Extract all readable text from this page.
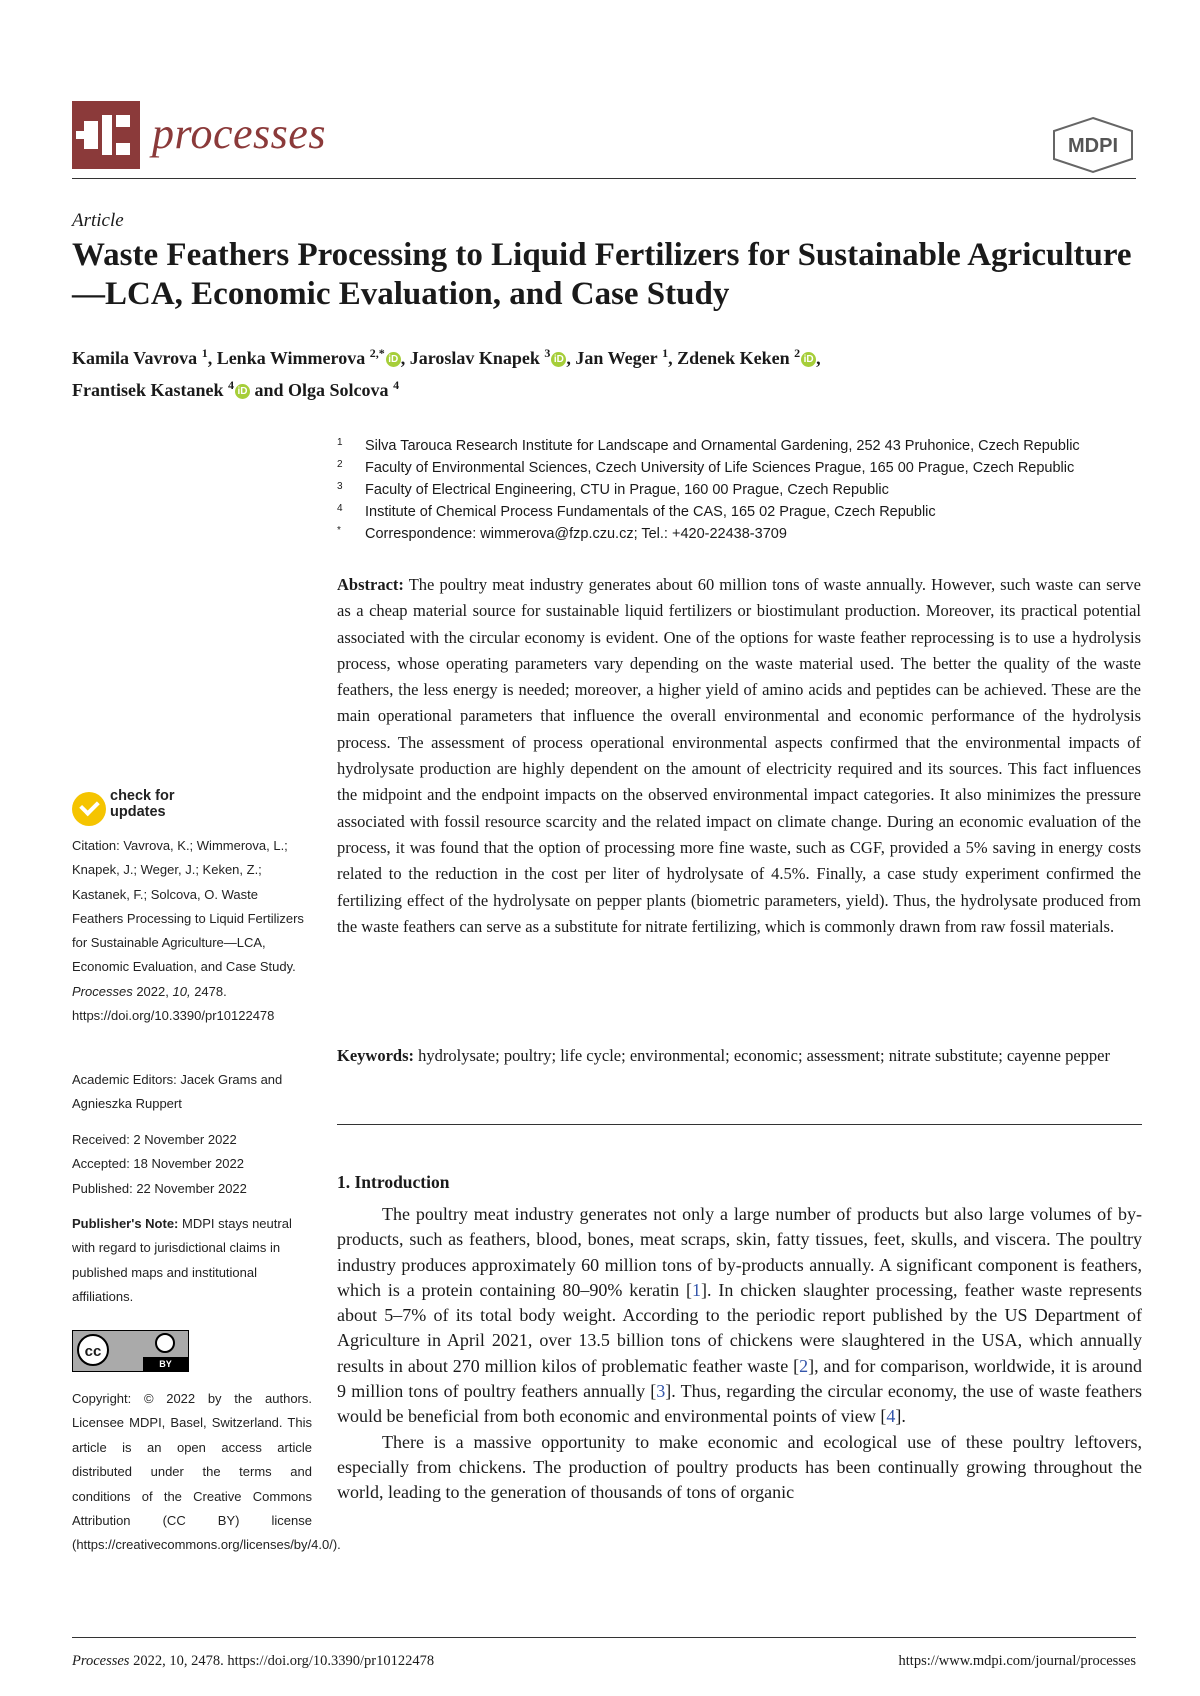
processes	MDPI
Article
Waste Feathers Processing to Liquid Fertilizers for Sustainable Agriculture—LCA, Economic Evaluation, and Case Study
Kamila Vavrova $^1$, Lenka Wimmerova $^{2,*}$ iD , Jaroslav Knapek $^3$ iD , Jan Weger $^1$, Zdenek Keken $^2$ iD ,
Frantisek Kastanek $^4$ iD and Olga Solcova $^4$
1 Silva Tarouca Research Institute for Landscape and Ornamental Gardening, 252 43 Pruhonice, Czech Republic
2 Faculty of Environmental Sciences, Czech University of Life Sciences Prague, 165 00 Prague, Czech Republic
3 Faculty of Electrical Engineering, CTU in Prague, 160 00 Prague, Czech Republic
4 Institute of Chemical Process Fundamentals of the CAS, 165 02 Prague, Czech Republic
* Correspondence: wimmerova@fzp.czu.cz; Tel.: +420-22438-3709
Abstract: The poultry meat industry generates about 60 million tons of waste annually. However, such waste can serve as a cheap material source for sustainable liquid fertilizers or biostimulant production. Moreover, its practical potential associated with the circular economy is evident. One of the options for waste feather reprocessing is to use a hydrolysis process, whose operating parameters vary depending on the waste material used. The better the quality of the waste feathers, the less energy is needed; moreover, a higher yield of amino acids and peptides can be achieved. These are the main operational parameters that influence the overall environmental and economic performance of the hydrolysis process. The assessment of process operational environmental aspects confirmed that the environmental impacts of hydrolysate production are highly dependent on the amount of electricity required and its sources. This fact influences the midpoint and the endpoint impacts on the observed environmental impact categories. It also minimizes the pressure associated with fossil resource scarcity and the related impact on climate change. During an economic evaluation of the process, it was found that the option of processing more fine waste, such as CGF, provided a 5% saving in energy costs related to the reduction in the cost per liter of hydrolysate of 4.5%. Finally, a case study experiment confirmed the fertilizing effect of the hydrolysate on pepper plants (biometric parameters, yield). Thus, the hydrolysate produced from the waste feathers can serve as a substitute for nitrate fertilizing, which is commonly drawn from raw fossil materials.
Keywords: hydrolysate; poultry; life cycle; environmental; economic; assessment; nitrate substitute; cayenne pepper
1. Introduction

The poultry meat industry generates not only a large number of products but also large volumes of by-products, such as feathers, blood, bones, meat scraps, skin, fatty tissues, feet, skulls, and viscera. The poultry industry produces approximately 60 million tons of by-products annually. A significant component is feathers, which is a protein containing 80–90% keratin [1]. In chicken slaughter processing, feather waste represents about 5–7% of its total body weight. According to the periodic report published by the US Department of Agriculture in April 2021, over 13.5 billion tons of chickens were slaughtered in the USA, which annually results in about 270 million kilos of problematic feather waste [2], and for comparison, worldwide, it is around 9 million tons of poultry feathers annually [3]. Thus, regarding the circular economy, the use of waste feathers would be beneficial from both economic and environmental points of view [4].

There is a massive opportunity to make economic and ecological use of these poultry leftovers, especially from chickens. The production of poultry products has been continually growing throughout the world, leading to the generation of thousands of tons of organic

check for
updates
Citation: Vavrova, K.; Wimmerova, L.; Knapek, J.; Weger, J.; Keken, Z.; Kastanek, F.; Solcova, O. Waste Feathers Processing to Liquid Fertilizers for Sustainable Agriculture—LCA, Economic Evaluation, and Case Study. Processes 2022, 10, 2478. https://doi.org/10.3390/pr10122478
Academic Editors: Jacek Grams and Agnieszka Ruppert
Received: 2 November 2022
Accepted: 18 November 2022
Published: 22 November 2022
Publisher's Note: MDPI stays neutral with regard to jurisdictional claims in published maps and institutional affiliations.
cc
BY
Copyright: © 2022 by the authors. Licensee MDPI, Basel, Switzerland. This article is an open access article distributed under the terms and conditions of the Creative Commons Attribution (CC BY) license (https://creativecommons.org/licenses/by/4.0/).
Processes 2022, 10, 2478. https://doi.org/10.3390/pr10122478	https://www.mdpi.com/journal/processes
